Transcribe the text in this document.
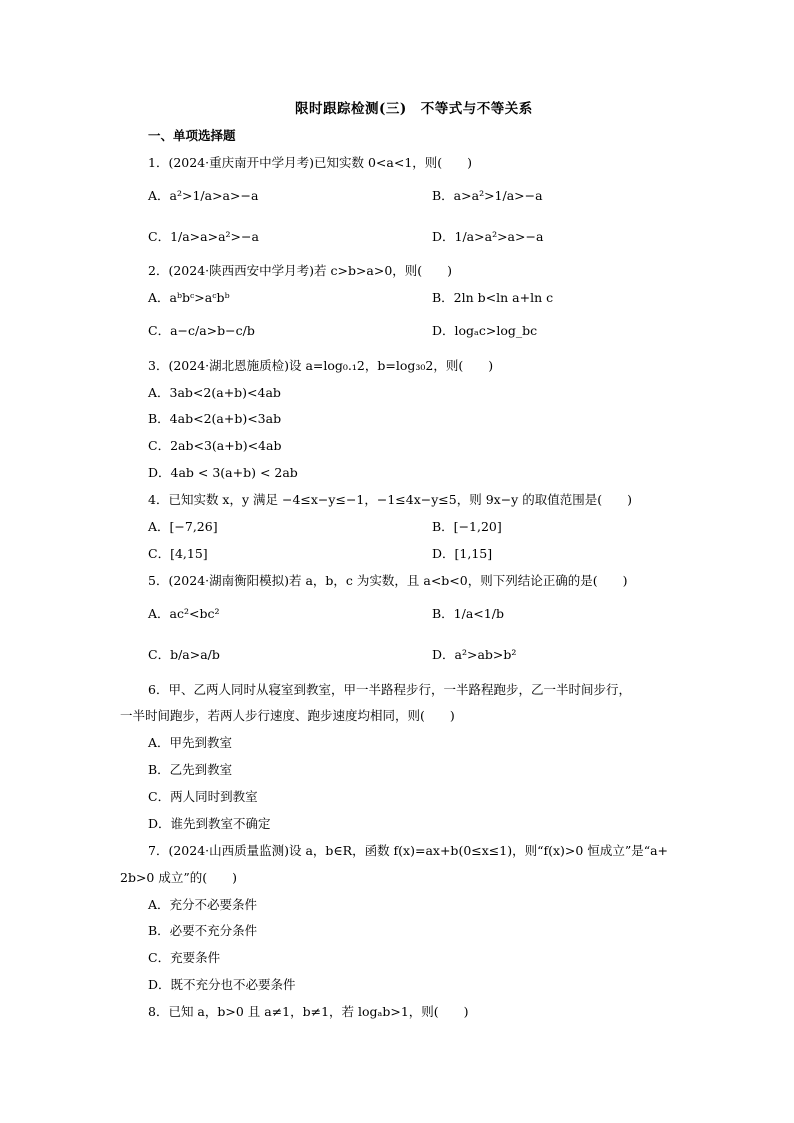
限时跟踪检测(三)　不等式与不等关系
一、单项选择题
1．(2024·重庆南开中学月考)已知实数 0<a<1，则(　　)
A．a²>1/a>a>−a	B．a>a²>1/a>−a
C．1/a>a>a²>−a	D．1/a>a²>a>−a
2．(2024·陕西西安中学月考)若 c>b>a>0，则(　　)
A．aᵇbᶜ>aᶜbᵇ	B．2ln b<ln a+ln c
C．a−c/a>b−c/b	D．logₐc>log_bc
3．(2024·湖北恩施质检)设 a=log₀.₁2，b=log₃₀2，则(　　)
A．3ab<2(a+b)<4ab
B．4ab<2(a+b)<3ab
C．2ab<3(a+b)<4ab
D．4ab < 3(a+b) < 2ab
4．已知实数 x，y 满足 −4≤x−y≤−1，−1≤4x−y≤5，则 9x−y 的取值范围是(　　)
A．[−7,26]	B．[−1,20]
C．[4,15]	D．[1,15]
5．(2024·湖南衡阳模拟)若 a，b，c 为实数，且 a<b<0，则下列结论正确的是(　　)
A．ac²<bc²	B．1/a<1/b
C．b/a>a/b	D．a²>ab>b²
6．甲、乙两人同时从寝室到教室，甲一半路程步行，一半路程跑步，乙一半时间步行，
一半时间跑步，若两人步行速度、跑步速度均相同，则(　　)
A．甲先到教室
B．乙先到教室
C．两人同时到教室
D．谁先到教室不确定
7．(2024·山西质量监测)设 a，b∈R，函数 f(x)=ax+b(0≤x≤1)，则“f(x)>0 恒成立”是“a+
2b>0 成立”的(　　)
A．充分不必要条件
B．必要不充分条件
C．充要条件
D．既不充分也不必要条件
8．已知 a，b>0 且 a≠1，b≠1，若 logₐb>1，则(　　)
